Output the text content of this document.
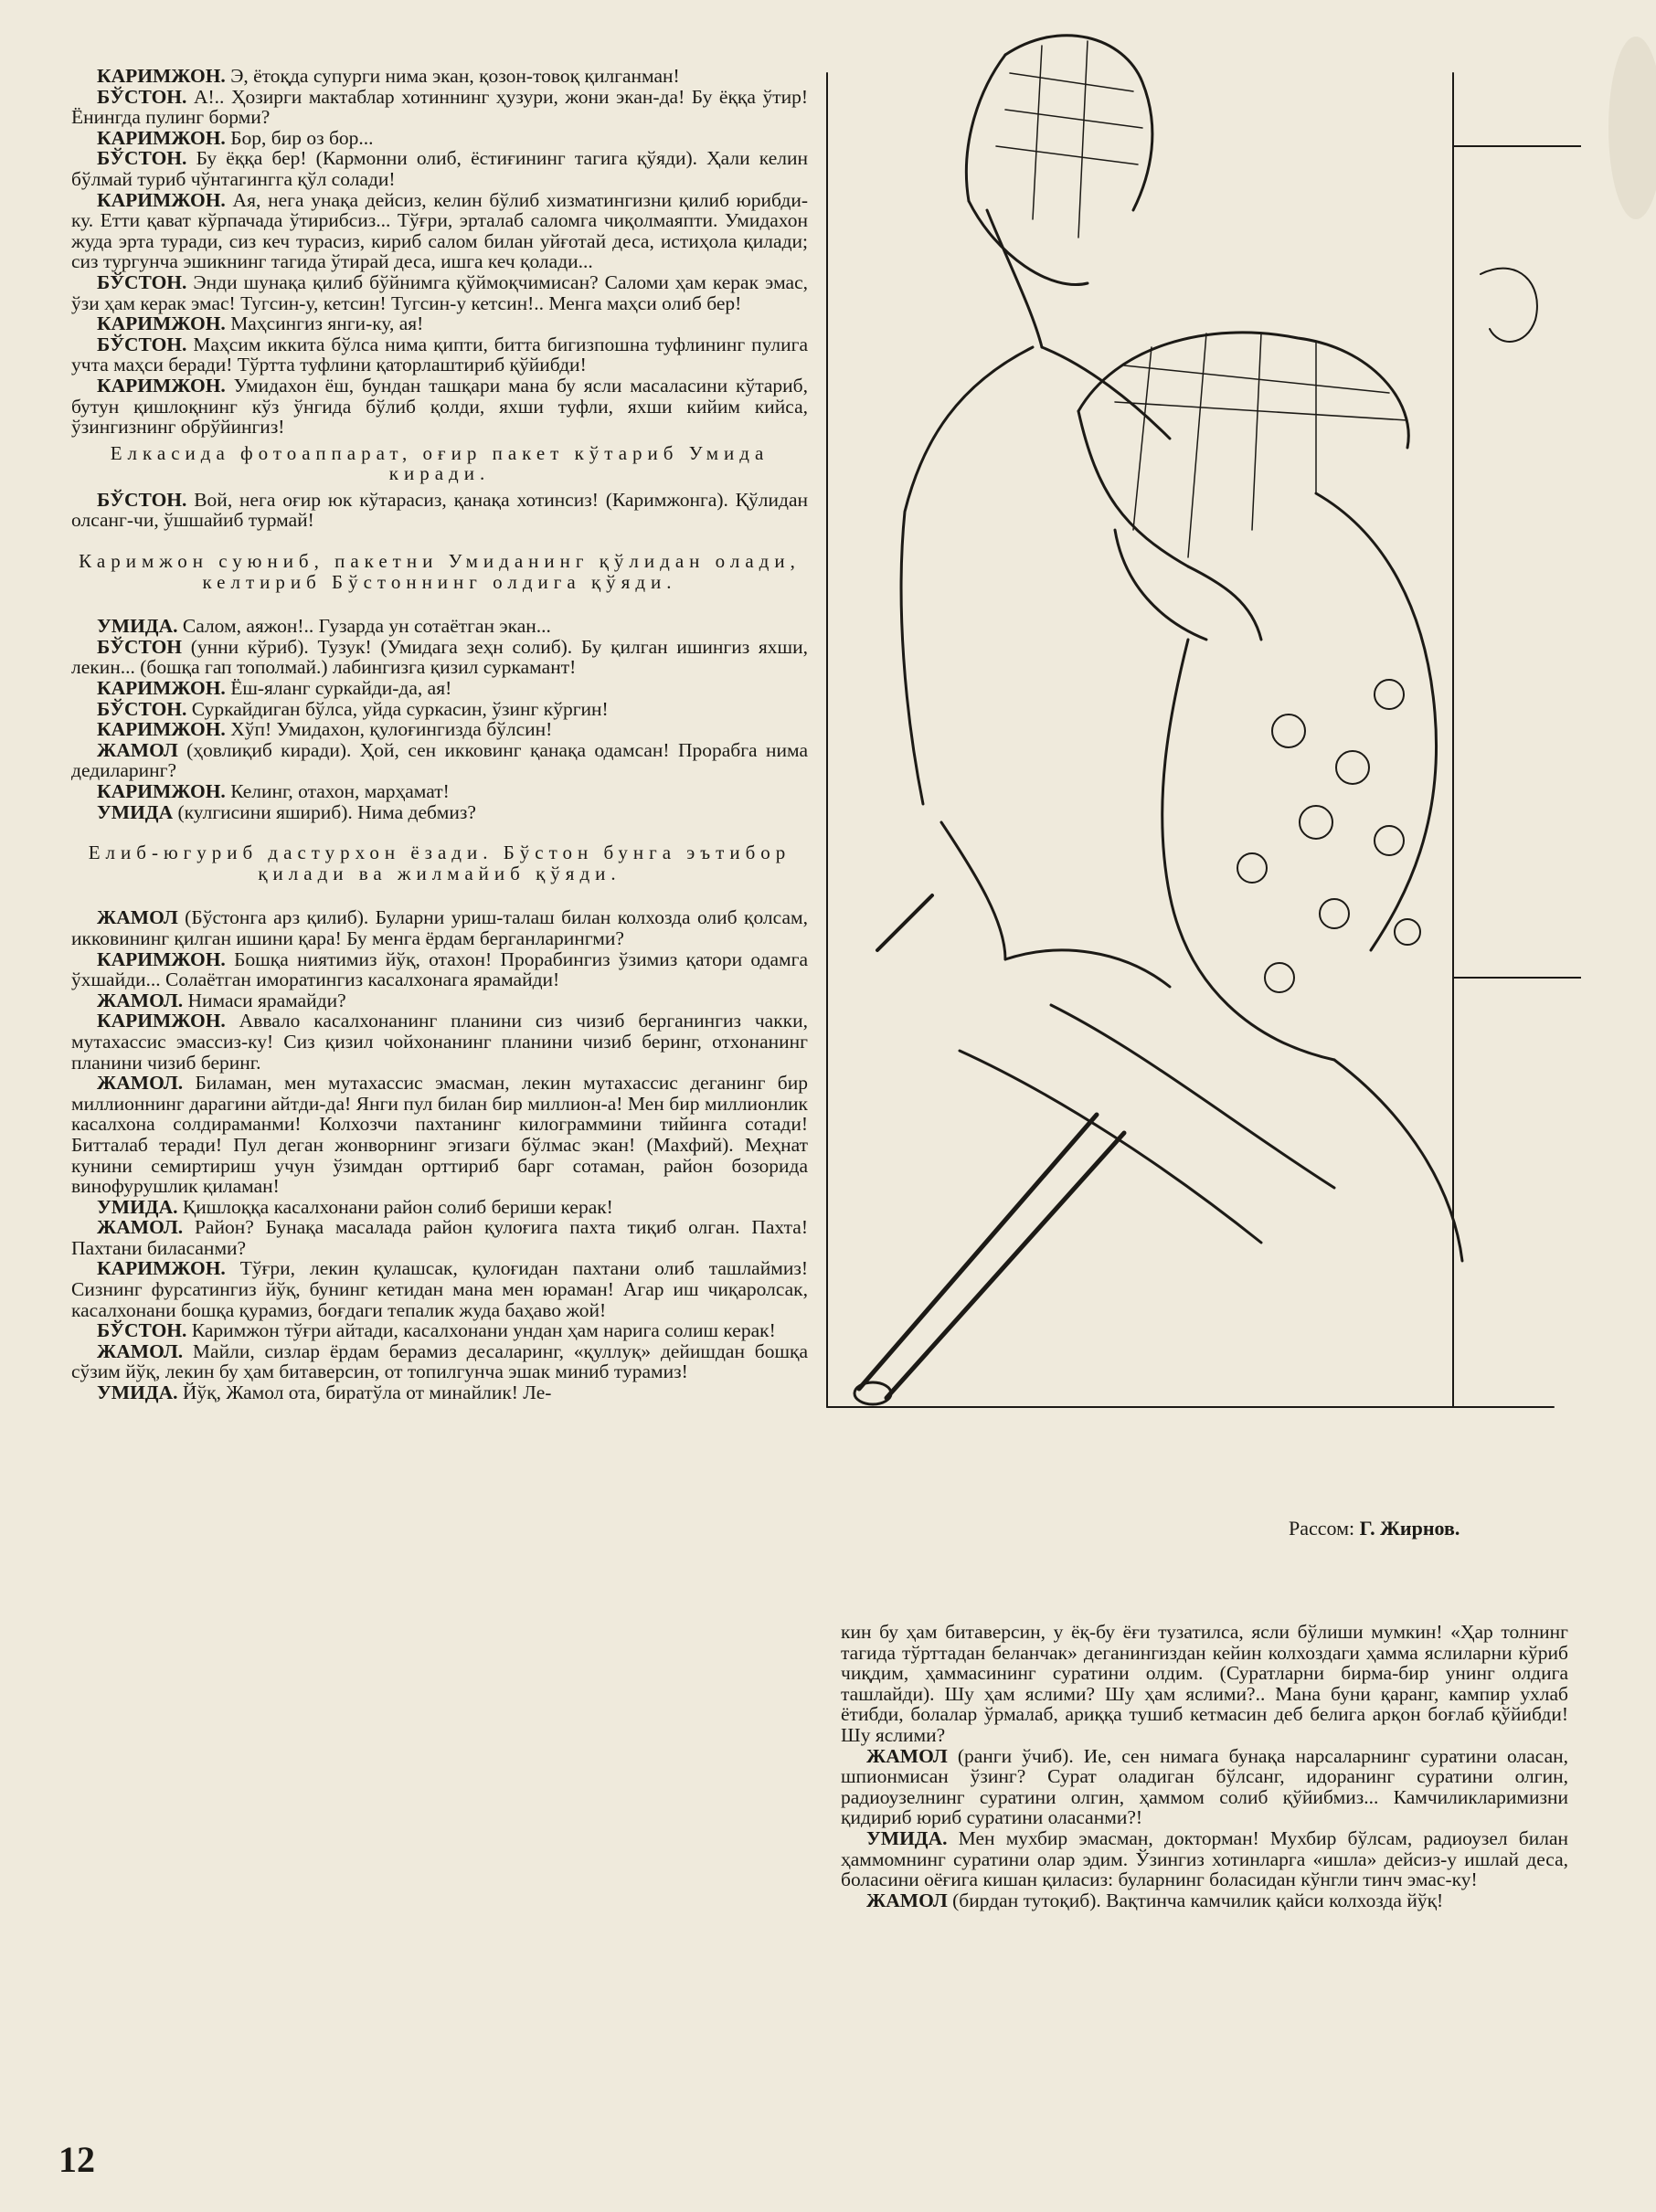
КАРИМЖОН. Э, ётоқда супурги нима экан, қозон-товоқ қилганман!

БЎСТОН. А!.. Ҳозирги мактаблар хотиннинг ҳузури, жони экан-да! Бу ёққа ўтир! Ёнингда пулинг борми?

КАРИМЖОН. Бор, бир оз бор...

БЎСТОН. Бу ёққа бер! (Кармонни олиб, ёстиғининг тагига қўяди). Ҳали келин бўлмай туриб чўнтагингга қўл солади!

КАРИМЖОН. Ая, нега унақа дейсиз, келин бўлиб хизматингизни қилиб юрибди-ку. Етти қават кўрпачада ўтирибсиз... Тўғри, эрталаб саломга чиқолмаяпти. Умидахон жуда эрта туради, сиз кеч турасиз, кириб салом билан уйғотай деса, истиҳола қилади; сиз тургунча эшикнинг тагида ўтирай деса, ишга кеч қолади...

БЎСТОН. Энди шунақа қилиб бўйнимга қўймоқчимисан? Саломи ҳам керак эмас, ўзи ҳам керак эмас! Тугсин-у, кетсин! Тугсин-у кетсин!.. Менга маҳси олиб бер!

КАРИМЖОН. Маҳсингиз янги-ку, ая!

БЎСТОН. Маҳсим иккита бўлса нима қипти, битта бигизпошна туфлининг пулига учта маҳси беради! Тўртта туфлини қаторлаштириб қўйибди!

КАРИМЖОН. Умидахон ёш, бундан ташқари мана бу ясли масаласини кўтариб, бутун қишлоқнинг кўз ўнгида бўлиб қолди, яхши туфли, яхши кийим кийса, ўзингизнинг обрўйингиз!

Елкасида фотоаппарат, оғир пакет кўтариб Умида киради.

БЎСТОН. Вой, нега оғир юк кўтарасиз, қанақа хотинсиз! (Каримжонга). Қўлидан олсанг-чи, ўшшайиб турмай!

Каримжон суюниб, пакетни Умиданинг қўлидан олади, келтириб Бўстоннинг олдига қўяди.

УМИДА. Салом, аяжон!.. Гузарда ун сотаётган экан...

БЎСТОН (унни кўриб). Тузук! (Умидага зеҳн солиб). Бу қилган ишингиз яхши, лекин... (бошқа гап тополмай.) лабингизга қизил суркамант!

КАРИМЖОН. Ёш-яланг суркайди-да, ая!

БЎСТОН. Суркайдиган бўлса, уйда суркасин, ўзинг кўргин!

КАРИМЖОН. Хўп! Умидахон, қулоғингизда бўлсин!

ЖАМОЛ (ҳовлиқиб киради). Ҳой, сен икковинг қанақа одамсан! Прорабга нима дедиларинг?

КАРИМЖОН. Келинг, отахон, марҳамат!

УМИДА (кулгисини яшириб). Нима дебмиз?

Елиб-югуриб дастурхон ёзади. Бўстон бунга эътибор қилади ва жилмайиб қўяди.

ЖАМОЛ (Бўстонга арз қилиб). Буларни уриш-талаш билан колхозда олиб қолсам, икковининг қилган ишини қара! Бу менга ёрдам берганларингми?

КАРИМЖОН. Бошқа ниятимиз йўқ, отахон! Прорабингиз ўзимиз қатори одамга ўхшайди... Солаётган иморатингиз касалхонага ярамайди!

ЖАМОЛ. Нимаси ярамайди?

КАРИМЖОН. Аввало касалхонанинг планини сиз чизиб берганингиз чакки, мутахассис эмассиз-ку! Сиз қизил чойхонанинг планини чизиб беринг, отхонанинг планини чизиб беринг.

ЖАМОЛ. Биламан, мен мутахассис эмасман, лекин мутахассис деганинг бир миллионнинг дарагини айтди-да! Янги пул билан бир миллион-а! Мен бир миллионлик касалхона солдираманми! Колхозчи пахтанинг килограммини тийинга сотади! Битталаб теради! Пул деган жонворнинг эгизаги бўлмас экан! (Махфий). Меҳнат кунини семиртириш учун ўзимдан орттириб барг сотаман, район бозорида винофурушлик қиламан!

УМИДА. Қишлоққа касалхонани район солиб бериши керак!

ЖАМОЛ. Район? Бунақа масалада район қулоғига пахта тиқиб олган. Пахта! Пахтани биласанми?

КАРИМЖОН. Тўғри, лекин қулашсак, қулоғидан пахтани олиб ташлаймиз! Сизнинг фурсатингиз йўқ, бунинг кетидан мана мен юраман! Агар иш чиқаролсак, касалхонани бошқа қурамиз, боғдаги тепалик жуда баҳаво жой!

БЎСТОН. Каримжон тўғри айтади, касалхонани ундан ҳам нарига солиш керак!

ЖАМОЛ. Майли, сизлар ёрдам берамиз десаларинг, «қуллуқ» дейишдан бошқа сўзим йўқ, лекин бу ҳам битаверсин, от топилгунча эшак миниб турамиз!

УМИДА. Йўқ, Жамол ота, биратўла от минайлик! Ле-

Рассом: Г. Жирнов.

кин бу ҳам битаверсин, у ёқ-бу ёғи тузатилса, ясли бўлиши мумкин! «Ҳар толнинг тагида тўрттадан беланчак» деганингиздан кейин колхоздаги ҳамма яслиларни кўриб чиқдим, ҳаммасининг суратини олдим. (Суратларни бирма-бир унинг олдига ташлайди). Шу ҳам яслими? Шу ҳам яслими?.. Мана буни қаранг, кампир ухлаб ётибди, болалар ўрмалаб, ариққа тушиб кетмасин деб белига арқон боғлаб қўйибди! Шу яслими?

ЖАМОЛ (ранги ўчиб). Ие, сен нимага бунақа нарсаларнинг суратини оласан, шпионмисан ўзинг? Сурат оладиган бўлсанг, идоранинг суратини олгин, радиоузелнинг суратини олгин, ҳаммом солиб қўйибмиз... Камчиликларимизни қидириб юриб суратини оласанми?!

УМИДА. Мен мухбир эмасман, докторман! Мухбир бўлсам, радиоузел билан ҳаммомнинг суратини олар эдим. Ўзингиз хотинларга «ишла» дейсиз-у ишлай деса, боласини оёғига кишан қиласиз: буларнинг боласидан кўнгли тинч эмас-ку!

ЖАМОЛ (бирдан тутоқиб). Вақтинча камчилик қайси колхозда йўқ!

12
